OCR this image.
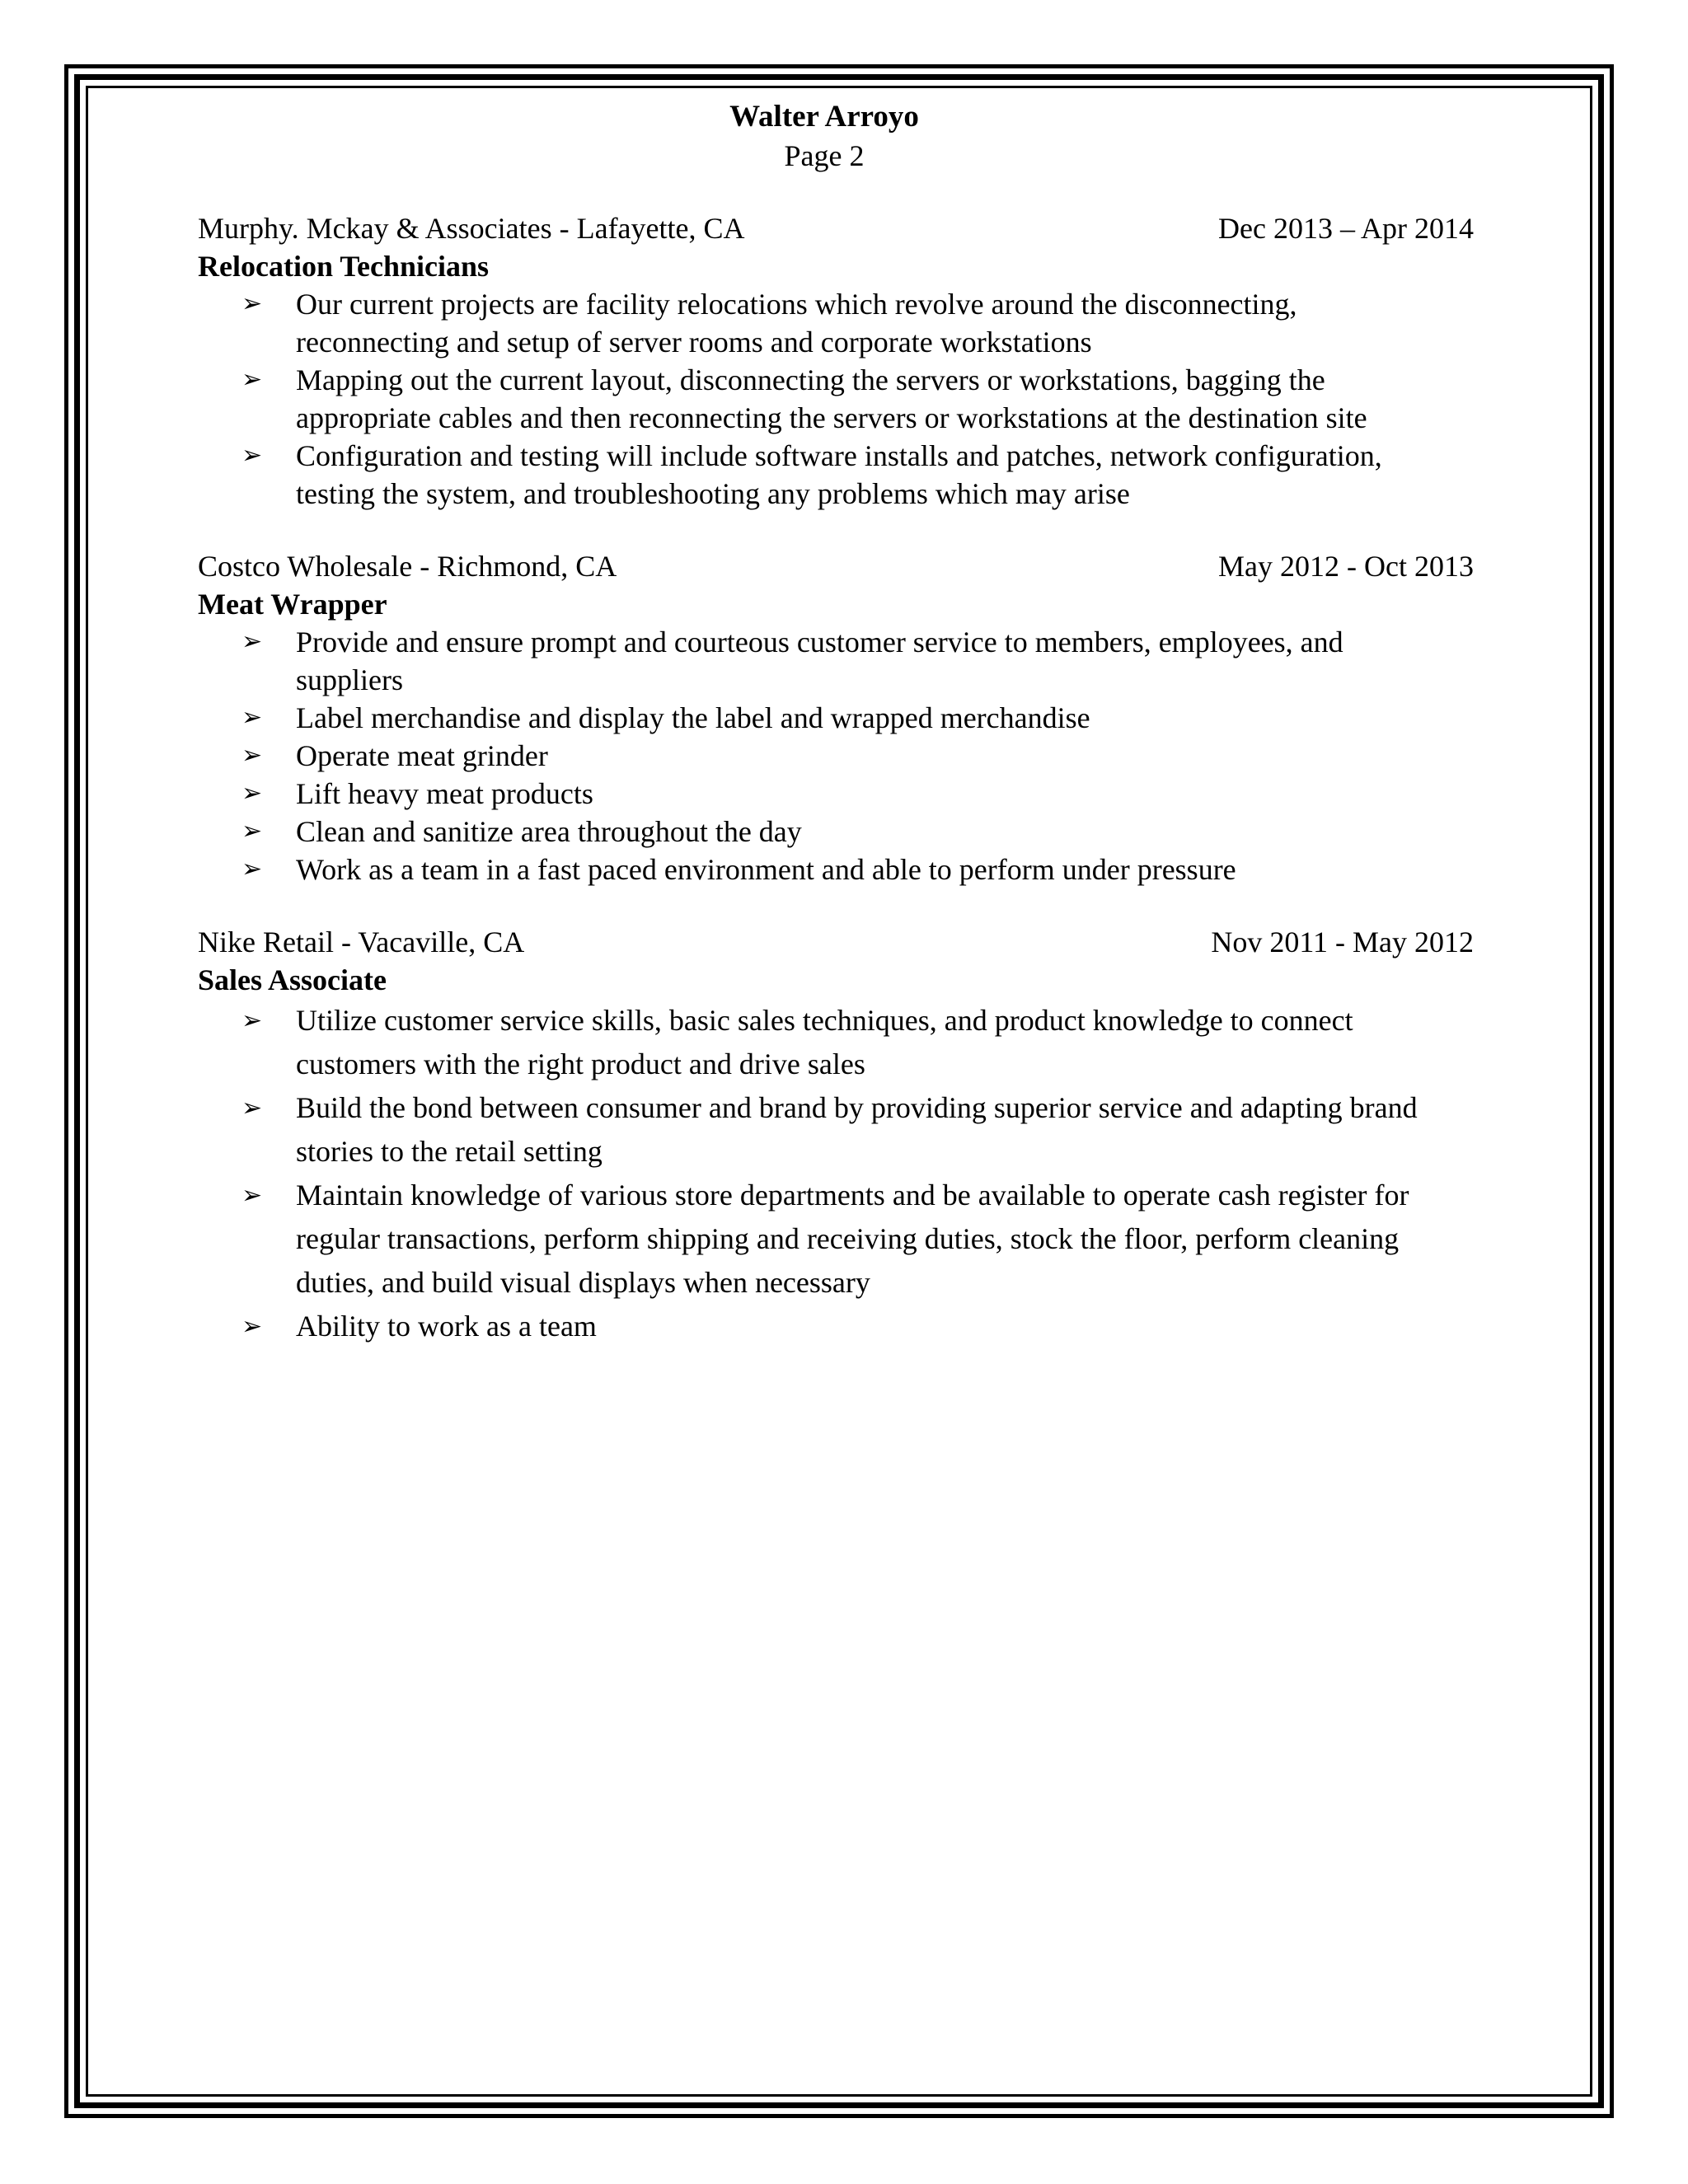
Walter Arroyo
Page 2
Murphy. Mckay & Associates - Lafayette, CA	Dec 2013 – Apr 2014
Relocation Technicians
➢ Our current projects are facility relocations which revolve around the disconnecting, reconnecting and setup of server rooms and corporate workstations
➢ Mapping out the current layout, disconnecting the servers or workstations, bagging the appropriate cables and then reconnecting the servers or workstations at the destination site
➢ Configuration and testing will include software installs and patches, network configuration, testing the system, and troubleshooting any problems which may arise
Costco Wholesale - Richmond, CA	May 2012 - Oct 2013
Meat Wrapper
➢ Provide and ensure prompt and courteous customer service to members, employees, and suppliers
➢ Label merchandise and display the label and wrapped merchandise
➢ Operate meat grinder
➢ Lift heavy meat products
➢ Clean and sanitize area throughout the day
➢ Work as a team in a fast paced environment and able to perform under pressure
Nike Retail - Vacaville, CA	Nov 2011 - May 2012
Sales Associate
➢ Utilize customer service skills, basic sales techniques, and product knowledge to connect customers with the right product and drive sales
➢ Build the bond between consumer and brand by providing superior service and adapting brand stories to the retail setting
➢ Maintain knowledge of various store departments and be available to operate cash register for regular transactions, perform shipping and receiving duties, stock the floor, perform cleaning duties, and build visual displays when necessary
➢ Ability to work as a team
